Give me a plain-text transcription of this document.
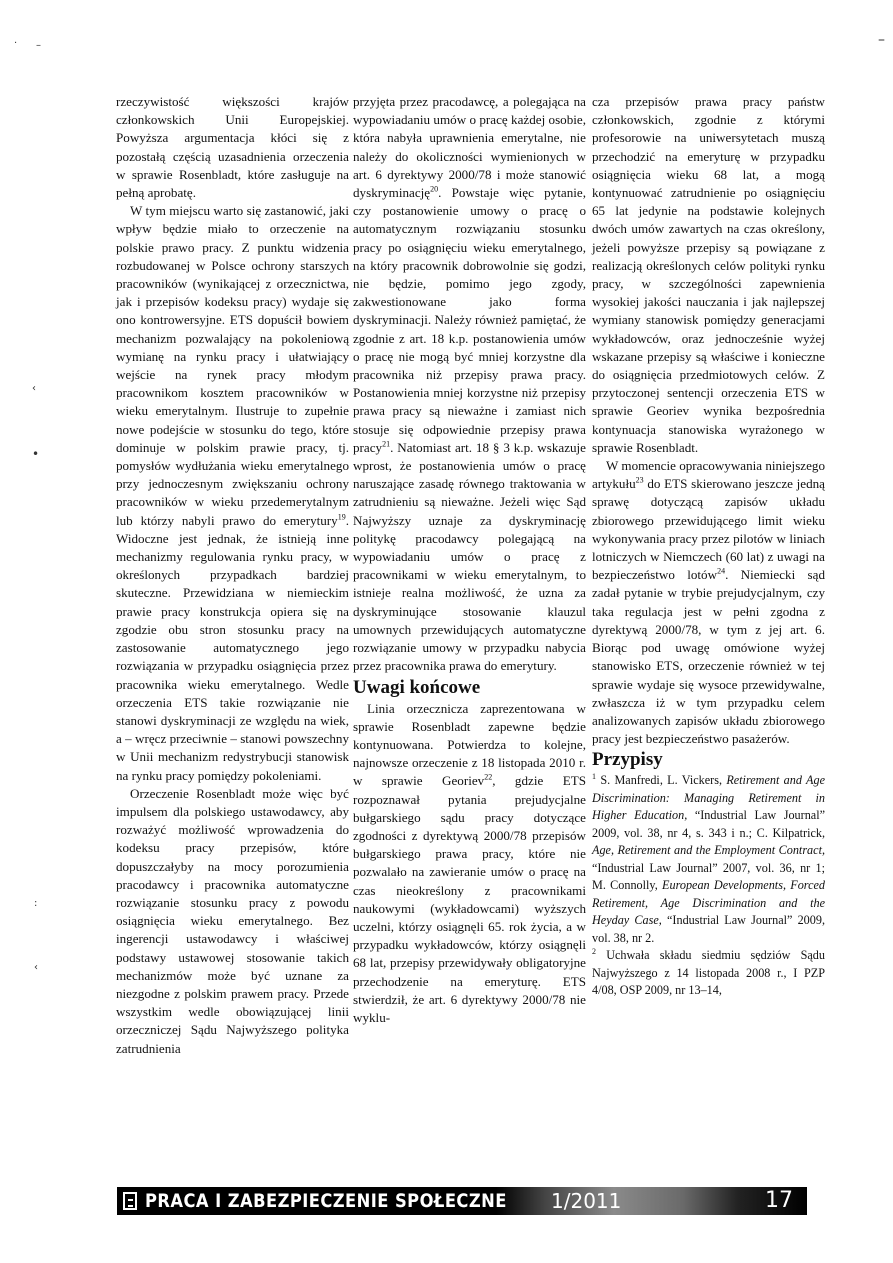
· –	–
‹
•
:
‹

rzeczywistość większości krajów członkowskich Unii Europejskiej. Powyższa argumentacja kłóci się z pozostałą częścią uzasadnienia orzeczenia w sprawie Rosenbladt, które zasługuje na pełną aprobatę.

W tym miejscu warto się zastanowić, jaki wpływ będzie miało to orzeczenie na polskie prawo pracy. Z punktu widzenia rozbudowanej w Polsce ochrony starszych pracowników (wynikającej z orzecznictwa, jak i przepisów kodeksu pracy) wydaje się ono kontrowersyjne. ETS dopuścił bowiem mechanizm pozwalający na pokoleniową wymianę na rynku pracy i ułatwiający wejście na rynek pracy młodym pracownikom kosztem pracowników w wieku emerytalnym. Ilustruje to zupełnie nowe podejście w stosunku do tego, które dominuje w polskim prawie pracy, tj. pomysłów wydłużania wieku emerytalnego przy jednoczesnym zwiększaniu ochrony pracowników w wieku przedemerytalnym lub którzy nabyli prawo do emerytury$^{19}$. Widoczne jest jednak, że istnieją inne mechanizmy regulowania rynku pracy, w określonych przypadkach bardziej skuteczne. Przewidziana w niemieckim prawie pracy konstrukcja opiera się na zgodzie obu stron stosunku pracy na zastosowanie automatycznego jego rozwiązania w przypadku osiągnięcia przez pracownika wieku emerytalnego. Wedle orzeczenia ETS takie rozwiązanie nie stanowi dyskryminacji ze względu na wiek, a – wręcz przeciwnie – stanowi powszechny w Unii mechanizm redystrybucji stanowisk na rynku pracy pomiędzy pokoleniami.

Orzeczenie Rosenbladt może więc być impulsem dla polskiego ustawodawcy, aby rozważyć możliwość wprowadzenia do kodeksu pracy przepisów, które dopuszczałyby na mocy porozumienia pracodawcy i pracownika automatyczne rozwiązanie stosunku pracy z powodu osiągnięcia wieku emerytalnego. Bez ingerencji ustawodawcy i właściwej podstawy ustawowej stosowanie takich mechanizmów może być uznane za niezgodne z polskim prawem pracy. Przede wszystkim wedle obowiązującej linii orzeczniczej Sądu Najwyższego polityka zatrudnienia

przyjęta przez pracodawcę, a polegająca na wypowiadaniu umów o pracę każdej osobie, która nabyła uprawnienia emerytalne, nie należy do okoliczności wymienionych w art. 6 dyrektywy 2000/78 i może stanowić dyskryminację$^{20}$. Powstaje więc pytanie, czy postanowienie umowy o pracę o automatycznym rozwiązaniu stosunku pracy po osiągnięciu wieku emerytalnego, na który pracownik dobrowolnie się godzi, nie będzie, pomimo jego zgody, zakwestionowane jako forma dyskryminacji. Należy również pamiętać, że zgodnie z art. 18 k.p. postanowienia umów o pracę nie mogą być mniej korzystne dla pracownika niż przepisy prawa pracy. Postanowienia mniej korzystne niż przepisy prawa pracy są nieważne i zamiast nich stosuje się odpowiednie przepisy prawa pracy$^{21}$. Natomiast art. 18 § 3 k.p. wskazuje wprost, że postanowienia umów o pracę naruszające zasadę równego traktowania w zatrudnieniu są nieważne. Jeżeli więc Sąd Najwyższy uznaje za dyskryminację politykę pracodawcy polegającą na wypowiadaniu umów o pracę z pracownikami w wieku emerytalnym, to istnieje realna możliwość, że uzna za dyskryminujące stosowanie klauzul umownych przewidujących automatyczne rozwiązanie umowy w przypadku nabycia przez pracownika prawa do emerytury.

Uwagi końcowe

Linia orzecznicza zaprezentowana w sprawie Rosenbladt zapewne będzie kontynuowana. Potwierdza to kolejne, najnowsze orzeczenie z 18 listopada 2010 r. w sprawie Georiev$^{22}$, gdzie ETS rozpoznawał pytania prejudycjalne bułgarskiego sądu pracy dotyczące zgodności z dyrektywą 2000/78 przepisów bułgarskiego prawa pracy, które nie pozwalało na zawieranie umów o pracę na czas nieokreślony z pracownikami naukowymi (wykładowcami) wyższych uczelni, którzy osiągnęli 65. rok życia, a w przypadku wykładowców, którzy osiągnęli 68 lat, przepisy przewidywały obligatoryjne przechodzenie na emeryturę. ETS stwierdził, że art. 6 dyrektywy 2000/78 nie wyklu-

cza przepisów prawa pracy państw członkowskich, zgodnie z którymi profesorowie na uniwersytetach muszą przechodzić na emeryturę w przypadku osiągnięcia wieku 68 lat, a mogą kontynuować zatrudnienie po osiągnięciu 65 lat jedynie na podstawie kolejnych dwóch umów zawartych na czas określony, jeżeli powyższe przepisy są powiązane z realizacją określonych celów polityki rynku pracy, w szczególności zapewnienia wysokiej jakości nauczania i jak najlepszej wymiany stanowisk pomiędzy generacjami wykładowców, oraz jednocześnie wyżej wskazane przepisy są właściwe i konieczne do osiągnięcia przedmiotowych celów. Z przytoczonej sentencji orzeczenia ETS w sprawie Georiev wynika bezpośrednia kontynuacja stanowiska wyrażonego w sprawie Rosenbladt.

W momencie opracowywania niniejszego artykułu$^{23}$ do ETS skierowano jeszcze jedną sprawę dotyczącą zapisów układu zbiorowego przewidującego limit wieku wykonywania pracy przez pilotów w liniach lotniczych w Niemczech (60 lat) z uwagi na bezpieczeństwo lotów$^{24}$. Niemiecki sąd zadał pytanie w trybie prejudycjalnym, czy taka regulacja jest w pełni zgodna z dyrektywą 2000/78, w tym z jej art. 6. Biorąc pod uwagę omówione wyżej stanowisko ETS, orzeczenie również w tej sprawie wydaje się wysoce przewidywalne, zwłaszcza iż w tym przypadku celem analizowanych zapisów układu zbiorowego pracy jest bezpieczeństwo pasażerów.

Przypisy

$^1$ S. Manfredi, L. Vickers, Retirement and Age Discrimination: Managing Retirement in Higher Education, “Industrial Law Journal” 2009, vol. 38, nr 4, s. 343 i n.; C. Kilpatrick, Age, Retirement and the Employment Contract, “Industrial Law Journal” 2007, vol. 36, nr 1; M. Connolly, European Developments, Forced Retirement, Age Discrimination and the Heyday Case, “Industrial Law Journal” 2009, vol. 38, nr 2.

$^2$ Uchwała składu siedmiu sędziów Sądu Najwyższego z 14 listopada 2008 r., I PZP 4/08, OSP 2009, nr 13–14,

PRACA I ZABEZPIECZENIE SPOŁECZNE 1/2011	17
